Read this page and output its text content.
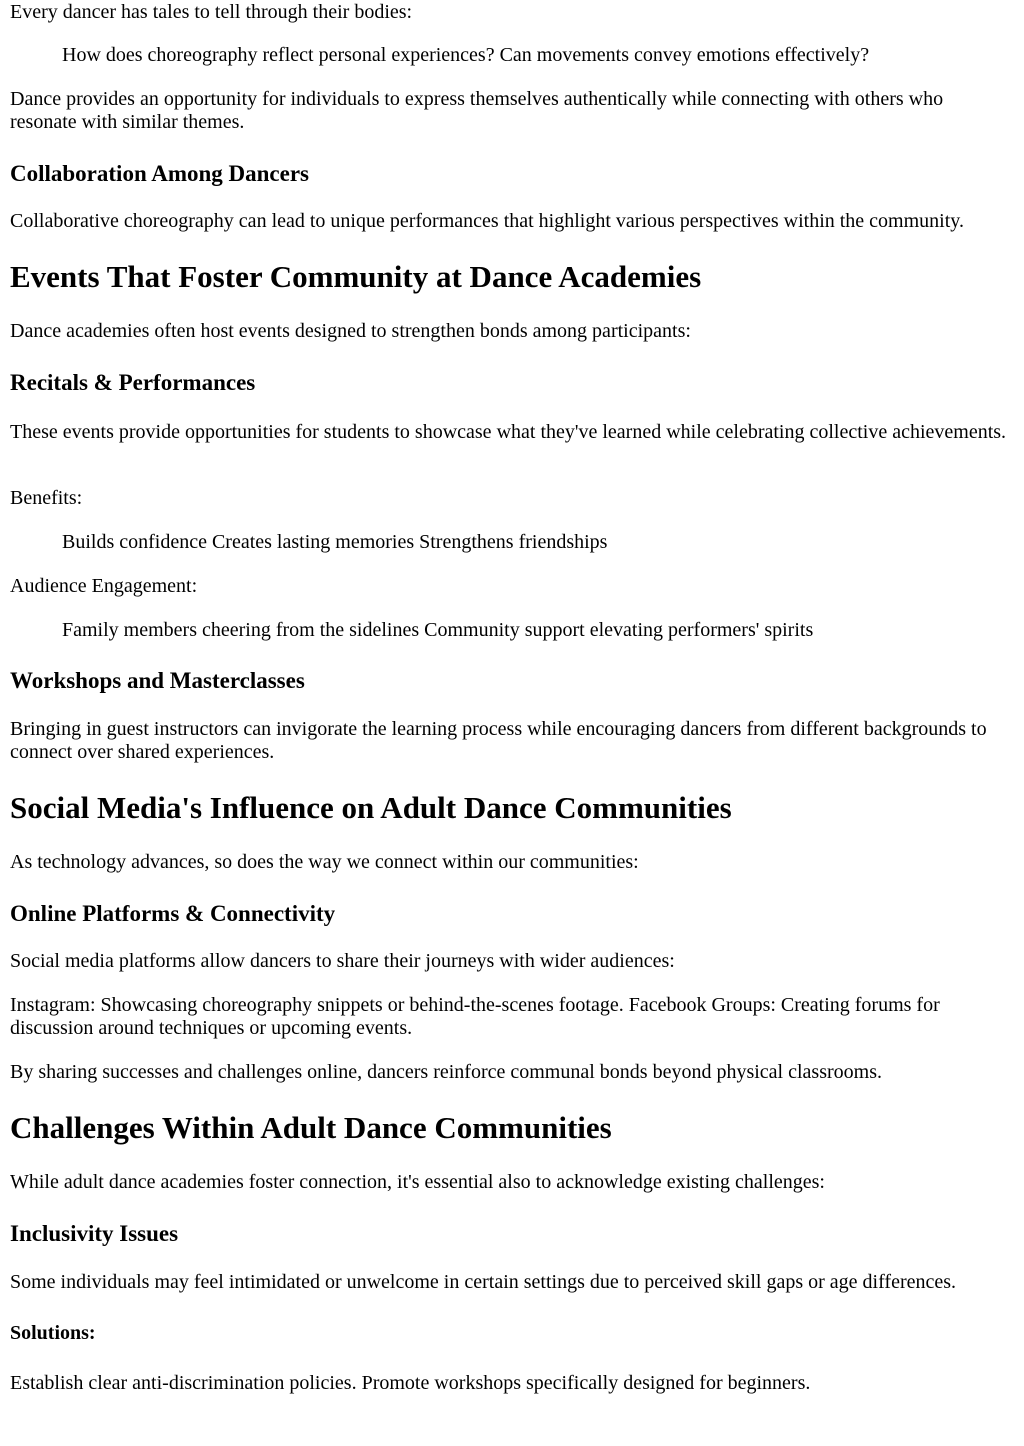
Every dancer has tales to tell through their bodies:

How does choreography reflect personal experiences? Can movements convey emotions effectively?

Dance provides an opportunity for individuals to express themselves authentically while connecting with others who resonate with similar themes.

Collaboration Among Dancers

Collaborative choreography can lead to unique performances that highlight various perspectives within the community.

Events That Foster Community at Dance Academies

Dance academies often host events designed to strengthen bonds among participants:

Recitals & Performances

These events provide opportunities for students to showcase what they've learned while celebrating collective achievements.

Benefits:

Builds confidence Creates lasting memories Strengthens friendships

Audience Engagement:

Family members cheering from the sidelines Community support elevating performers' spirits

Workshops and Masterclasses

Bringing in guest instructors can invigorate the learning process while encouraging dancers from different backgrounds to connect over shared experiences.

Social Media's Influence on Adult Dance Communities

As technology advances, so does the way we connect within our communities:

Online Platforms & Connectivity

Social media platforms allow dancers to share their journeys with wider audiences:

Instagram: Showcasing choreography snippets or behind-the-scenes footage. Facebook Groups: Creating forums for discussion around techniques or upcoming events.

By sharing successes and challenges online, dancers reinforce communal bonds beyond physical classrooms.

Challenges Within Adult Dance Communities

While adult dance academies foster connection, it's essential also to acknowledge existing challenges:

Inclusivity Issues

Some individuals may feel intimidated or unwelcome in certain settings due to perceived skill gaps or age differences.

Solutions:

Establish clear anti-discrimination policies. Promote workshops specifically designed for beginners.
